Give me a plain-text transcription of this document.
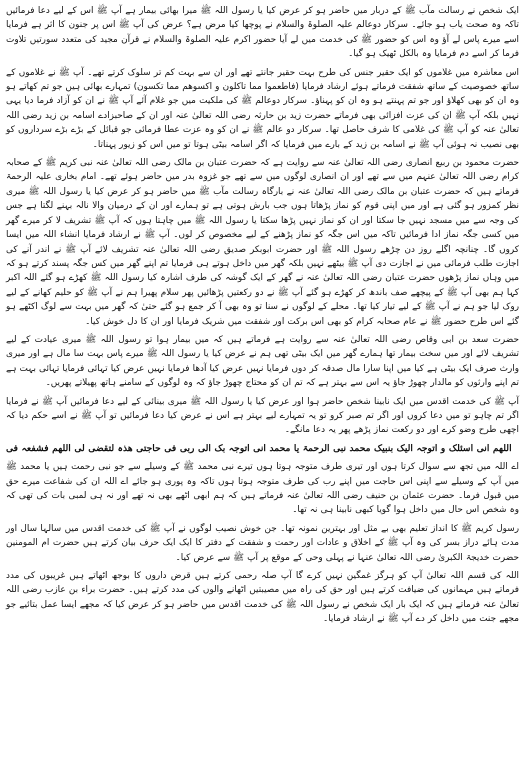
ایک شخص نے رسالت مآب ﷺ کے دربار میں حاضر ہو کر عرض کیا یا رسول اللہ ﷺ میرا بھائی بیمار ہے آپ ﷺ اس کے لیے دعا فرمائیں تاکہ وہ صحت یاب ہو جائے۔ سرکار دوعالم علیہ الصلوۃ والسلام نے پوچھا کیا مرض ہے؟ عرض کی آپ ﷺ اس پر جنون کا اثر ہے فرمایا اسے میرے پاس لے آؤ وہ اس کو حضور ﷺ کی خدمت میں لے آیا حضور اکرم علیہ الصلوۃ والسلام نے قرآن مجید کی متعدد سورتیں تلاوت فرما کر اسے دم فرمایا وہ بالکل ٹھیک ہو گیا۔

اس معاشرہ میں غلاموں کو ایک حقیر جنس کی طرح بہت حقیر جانتے تھے اور ان سے بہت کم تر سلوک کرتے تھے۔ آپ ﷺ نے غلاموں کے ساتھ خصوصیت کے ساتھ شفقت فرماتے ہوئے ارشاد فرمایا (فاطعموا مما تاکلون و اکسوھم مما تکسون) تمہارے بھائی ہیں جو تم کھاتے ہو وہ ان کو بھی کھلاؤ اور جو تم پہنتے ہو وہ ان کو پہناؤ۔ سرکار دوعالم ﷺ کی ملکیت میں جو غلام آئے آپ ﷺ نے ان کو آزاد فرما دیا یہی نہیں بلکہ آپ ﷺ ان کی عزت افزائی بھی فرماتے حضرت زید بن حارثہ رضی اللہ تعالیٰ عنہ اور ان کے صاحبزادے اسامہ بن زید رضی اللہ تعالیٰ عنہ کو آپ ﷺ کی غلامی کا شرف حاصل تھا۔ سرکار دو عالم ﷺ نے ان کو وہ عزت عطا فرمائی جو قبائل کے بڑے بڑے سرداروں کو بھی نصیب نہ ہوئی آپ ﷺ نے اسامہ بن زید کے بارے میں فرمایا کہ اگر اسامہ بیٹی ہوتا تو میں اس کو زیور پہناتا۔

حضرت محمود بن ربیع انصاری رضی اللہ تعالیٰ عنہ سے روایت ہے کہ حضرت عتبان بن مالک رضی اللہ تعالیٰ عنہ نبی کریم ﷺ کے صحابہ کرام رضی اللہ تعالیٰ عنہم میں سے تھے اور ان انصاری لوگوں میں سے تھے جو غزوہ بدر میں حاضر ہوئے تھے۔ امام بخاری علیہ الرحمۃ فرماتے ہیں کہ حضرت عتبان بن مالک رضی اللہ تعالیٰ عنہ نے بارگاہ رسالت مآب ﷺ میں حاضر ہو کر عرض کیا یا رسول اللہ ﷺ میری نظر کمزور ہو گئی ہے اور میں اپنی قوم کو نماز پڑھاتا ہوں جب بارش ہوتی ہے تو ہمارے اور ان کے درمیان والا نالہ بہنے لگتا ہے جس کی وجہ سے میں مسجد نہیں جا سکتا اور ان کو نماز نہیں پڑھا سکتا یا رسول اللہ ﷺ میں چاہتا ہوں کہ آپ ﷺ تشریف لا کر میرے گھر میں کسی جگہ نماز ادا فرمائیں تاکہ میں اس جگہ کو نماز پڑھنے کے لیے مخصوص کر لوں۔ آپ ﷺ نے ارشاد فرمایا انشاء اللہ میں ایسا کروں گا۔ چنانچہ اگلے روز دن چڑھے رسول اللہ ﷺ اور حضرت ابوبکر صدیق رضی اللہ تعالیٰ عنہ تشریف لائے آپ ﷺ نے اندر آنے کی اجازت طلب فرمائی میں نے اجازت دی آپ ﷺ بیٹھے نہیں بلکہ گھر میں داخل ہوتے ہی فرمایا تم اپنے گھر میں کس جگہ پسند کرتے ہو کہ میں وہاں نماز پڑھوں حضرت عتبان رضی اللہ تعالیٰ عنہ نے گھر کے ایک گوشہ کی طرف اشارہ کیا رسول اللہ ﷺ کھڑے ہو گئے اللہ اکبر کہا ہم بھی آپ ﷺ کے پیچھے صف باندھ کر کھڑے ہو گئے آپ ﷺ نے دو رکعتیں پڑھائیں پھر سلام پھیرا ہم نے آپ ﷺ کو حلیم کھانے کے لیے روک لیا جو ہم نے آپ ﷺ کے لیے تیار کیا تھا۔ محلے کے لوگوں نے سنا تو وہ بھی آ کر جمع ہو گئے حتیٰ کہ گھر میں بہت سے لوگ اکٹھے ہو گئے اس طرح حضور ﷺ نے عام صحابہ کرام کو بھی اس برکت اور شفقت میں شریک فرمایا اور ان کا دل خوش کیا۔

حضرت سعد بن ابی وقاص رضی اللہ تعالیٰ عنہ سے روایت ہے فرماتے ہیں کہ میں بیمار ہوا تو رسول اللہ ﷺ میری عیادت کے لیے تشریف لائے اور میں سخت بیمار تھا ہمارے گھر میں ایک بیٹی تھی ہم نے عرض کیا یا رسول اللہ ﷺ میرے پاس بہت سا مال ہے اور میری وارث صرف ایک بیٹی ہے کیا میں اپنا سارا مال صدقہ کر دوں فرمایا نہیں عرض کیا آدھا فرمایا نہیں عرض کیا تہائی فرمایا تہائی بہت ہے تم اپنے وارثوں کو مالدار چھوڑ جاؤ یہ اس سے بہتر ہے کہ تم ان کو محتاج چھوڑ جاؤ کہ وہ لوگوں کے سامنے ہاتھ پھیلاتے پھریں۔

آپ ﷺ کی خدمت اقدس میں ایک نابینا شخص حاضر ہوا اور عرض کیا یا رسول اللہ ﷺ میری بینائی کے لیے دعا فرمائیں آپ ﷺ نے فرمایا اگر تم چاہو تو میں دعا کروں اور اگر تم صبر کرو تو یہ تمہارے لیے بہتر ہے اس نے عرض کیا دعا فرمائیں تو آپ ﷺ نے اسے حکم دیا کہ اچھی طرح وضو کرے اور دو رکعت نماز پڑھے پھر یہ دعا مانگے۔

اللھم انی اسئلک و اتوجہ الیک بنبیک محمد نبی الرحمۃ یا محمد انی اتوجہ بک الی ربی فی حاجتی ھذہ لتقضی لی اللھم فشفعہ فی

اے اللہ میں تجھ سے سوال کرتا ہوں اور تیری طرف متوجہ ہوتا ہوں تیرے نبی محمد ﷺ کے وسیلے سے جو نبی رحمت ہیں یا محمد ﷺ میں آپ کے وسیلے سے اپنی اس حاجت میں اپنے رب کی طرف متوجہ ہوتا ہوں تاکہ وہ پوری ہو جائے اے اللہ ان کی شفاعت میرے حق میں قبول فرما۔ حضرت عثمان بن حنیف رضی اللہ تعالیٰ عنہ فرماتے ہیں کہ ہم ابھی اٹھے بھی نہ تھے اور نہ ہی لمبی بات کی تھی کہ وہ شخص اس حال میں داخل ہوا گویا کبھی نابینا ہی نہ تھا۔

رسول کریم ﷺ کا انداز تعلیم بھی بے مثل اور بہترین نمونہ تھا۔ جن خوش نصیب لوگوں نے آپ ﷺ کی خدمت اقدس میں سالہا سال اور مدت ہائے دراز بسر کی وہ آپ ﷺ کے اخلاق و عادات اور رحمت و شفقت کے دفتر کا ایک ایک حرف بیان کرتے ہیں حضرت ام المومنین حضرت خدیجۃ الکبریٰ رضی اللہ تعالیٰ عنہا نے پہلی وحی کے موقع پر آپ ﷺ سے عرض کیا۔

اللہ کی قسم اللہ تعالیٰ آپ کو ہرگز غمگین نہیں کرے گا آپ صلہ رحمی کرتے ہیں قرض داروں کا بوجھ اٹھاتے ہیں غریبوں کی مدد فرماتے ہیں مہمانوں کی ضیافت کرتے ہیں اور حق کی راہ میں مصیبتیں اٹھانے والوں کی مدد کرتے ہیں۔ حضرت براء بن عازب رضی اللہ تعالیٰ عنہ فرماتے ہیں کہ ایک بار ایک شخص نے رسول اللہ ﷺ کی خدمت اقدس میں حاضر ہو کر عرض کیا کہ مجھے ایسا عمل بتائیے جو مجھے جنت میں داخل کر دے آپ ﷺ نے ارشاد فرمایا۔
